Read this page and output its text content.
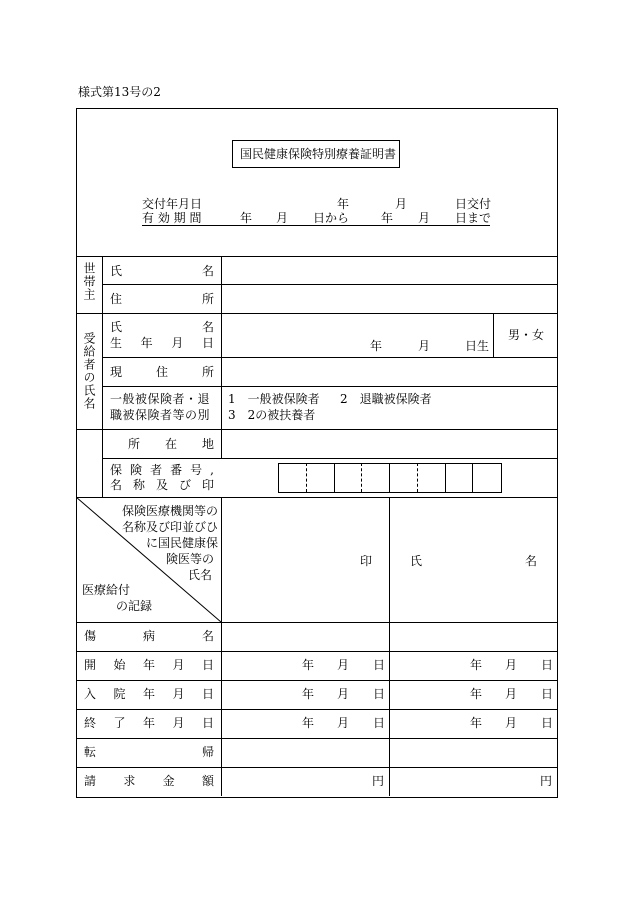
様式第13号の2
国民健康保険特別療養証明書
交付年月日	年	月	日交付
有 効 期 間	年 月 日から	年 月 日まで
世帯主 氏	名
住	所
受給者の氏名
氏	名
生 年 月 日	年	月	日生
男・女
現	住	所
一般被保険者・退
職被保険者等の別
1　一般被保険者 2　退職被保険者
3　2の被扶養者
所 在 地
保 険 者 番 号 ,
名 称 及 び 印
保険医療機関等の
名称及び印並びひ
に国民健康保
険医等の
氏名
医療給付
の記録
印	氏	名
傷	病	名
開 始 年 月 日	年 月 日	年 月 日
入 院 年 月 日	年 月 日	年 月 日
終 了 年 月 日	年 月 日	年 月 日
転	帰
請 求 金 額	円	円
